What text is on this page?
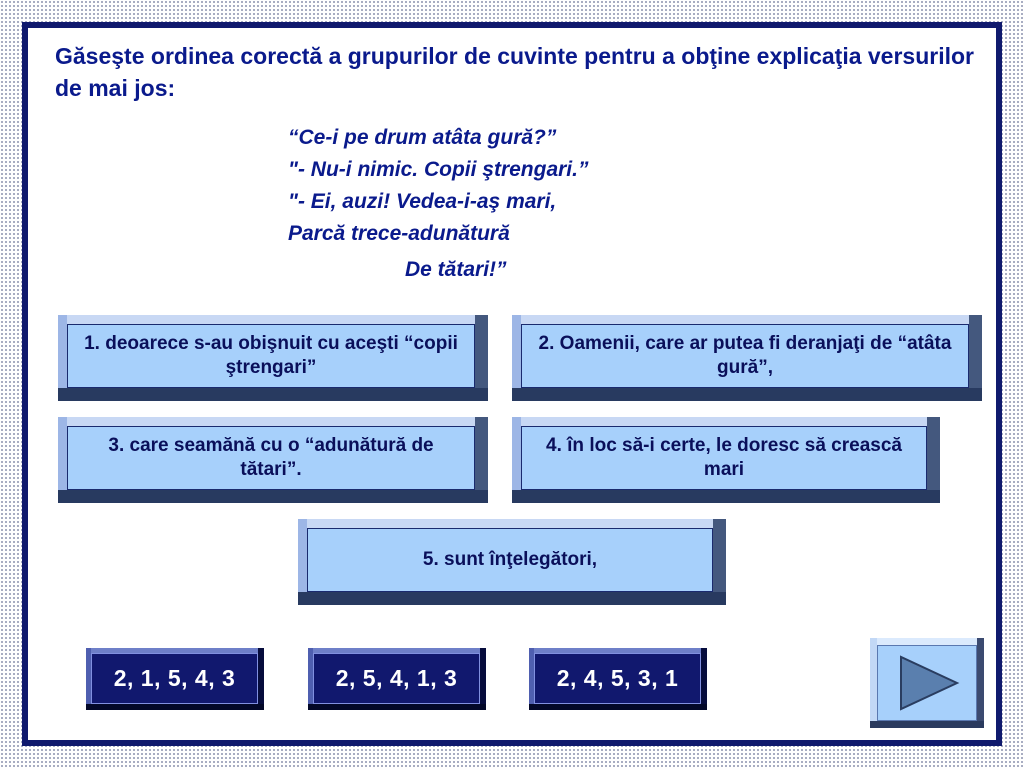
Găseşte ordinea corectă a grupurilor de cuvinte pentru a obţine explicaţia versurilor de mai jos:
“Ce-i pe drum atâta gură?”
"- Nu-i nimic. Copii ştrengari.”
"- Ei, auzi! Vedea-i-aş mari,
Parcă trece-adunătură
De tătari!”
1. deoarece s-au obişnuit cu aceşti “copii ştrengari”
2. Oamenii, care ar putea fi deranjaţi de “atâta gură”,
3. care seamănă cu o “adunătură de tătari”.
4. în loc să-i certe, le doresc să crească mari
5. sunt înţelegători,
2, 1, 5, 4, 3	2, 5, 4, 1, 3	2, 4, 5, 3, 1
